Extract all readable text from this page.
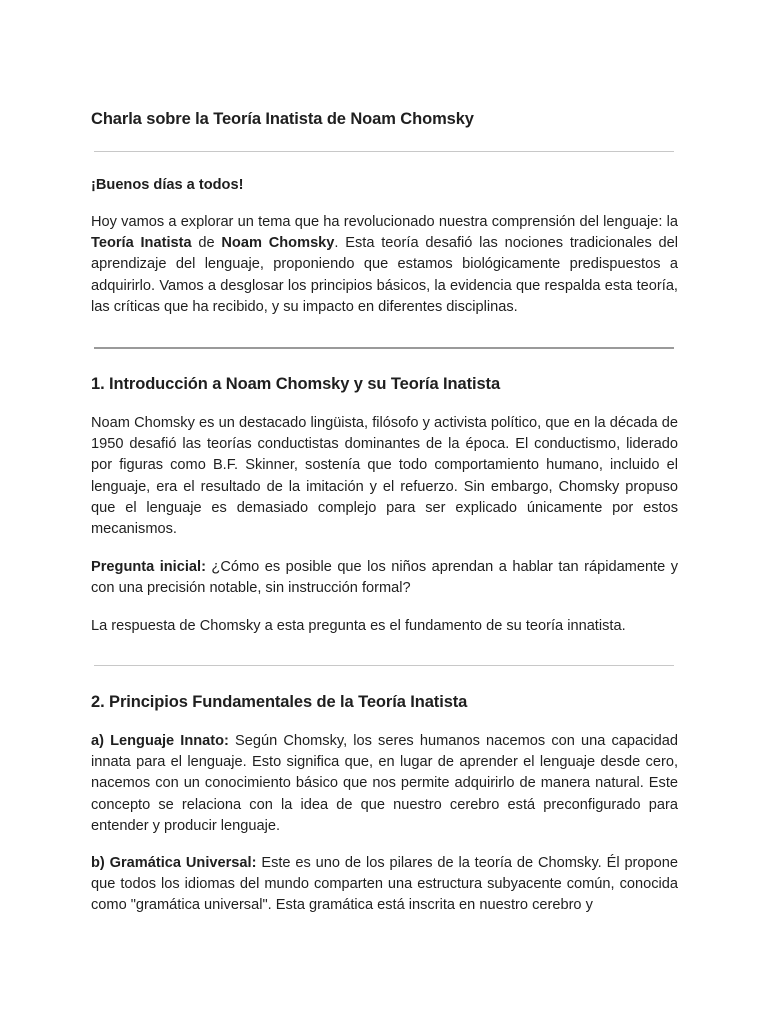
Charla sobre la Teoría Inatista de Noam Chomsky

¡Buenos días a todos!

Hoy vamos a explorar un tema que ha revolucionado nuestra comprensión del lenguaje: la Teoría Inatista de Noam Chomsky. Esta teoría desafió las nociones tradicionales del aprendizaje del lenguaje, proponiendo que estamos biológicamente predispuestos a adquirirlo. Vamos a desglosar los principios básicos, la evidencia que respalda esta teoría, las críticas que ha recibido, y su impacto en diferentes disciplinas.

1. Introducción a Noam Chomsky y su Teoría Inatista

Noam Chomsky es un destacado lingüista, filósofo y activista político, que en la década de 1950 desafió las teorías conductistas dominantes de la época. El conductismo, liderado por figuras como B.F. Skinner, sostenía que todo comportamiento humano, incluido el lenguaje, era el resultado de la imitación y el refuerzo. Sin embargo, Chomsky propuso que el lenguaje es demasiado complejo para ser explicado únicamente por estos mecanismos.

Pregunta inicial: ¿Cómo es posible que los niños aprendan a hablar tan rápidamente y con una precisión notable, sin instrucción formal?

La respuesta de Chomsky a esta pregunta es el fundamento de su teoría innatista.

2. Principios Fundamentales de la Teoría Inatista

a) Lenguaje Innato: Según Chomsky, los seres humanos nacemos con una capacidad innata para el lenguaje. Esto significa que, en lugar de aprender el lenguaje desde cero, nacemos con un conocimiento básico que nos permite adquirirlo de manera natural. Este concepto se relaciona con la idea de que nuestro cerebro está preconfigurado para entender y producir lenguaje.

b) Gramática Universal: Este es uno de los pilares de la teoría de Chomsky. Él propone que todos los idiomas del mundo comparten una estructura subyacente común, conocida como "gramática universal". Esta gramática está inscrita en nuestro cerebro y
